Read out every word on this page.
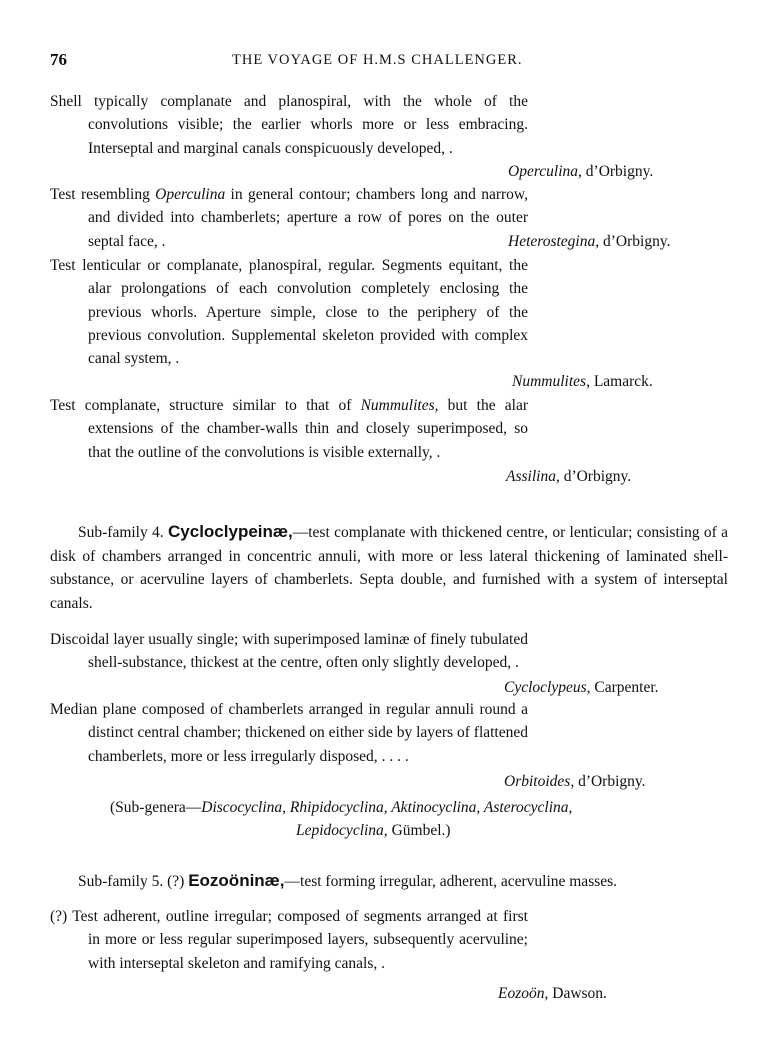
76	THE VOYAGE OF H.M.S CHALLENGER.
Shell typically complanate and planospiral, with the whole of the convolutions visible; the earlier whorls more or less embracing. Interseptal and marginal canals conspicuously developed, .
Operculina, d’Orbigny.
Test resembling Operculina in general contour; chambers long and narrow, and divided into chamberlets; aperture a row of pores on the outer septal face, .	Heterostegina, d’Orbigny.
Test lenticular or complanate, planospiral, regular. Segments equitant, the alar prolongations of each convolution completely enclosing the previous whorls. Aperture simple, close to the periphery of the previous convolution. Supplemental skeleton provided with complex canal system, .
Nummulites, Lamarck.
Test complanate, structure similar to that of Nummulites, but the alar extensions of the chamber-walls thin and closely superimposed, so that the outline of the convolutions is visible externally, .
Assilina, d’Orbigny.
Sub-family 4. Cycloclypeinæ,—test complanate with thickened centre, or lenticular; consisting of a disk of chambers arranged in concentric annuli, with more or less lateral thickening of laminated shell-substance, or acervuline layers of chamberlets. Septa double, and furnished with a system of interseptal canals.
Discoidal layer usually single; with superimposed laminæ of finely tubulated shell-substance, thickest at the centre, often only slightly developed, .
Cycloclypeus, Carpenter.
Median plane composed of chamberlets arranged in regular annuli round a distinct central chamber; thickened on either side by layers of flattened chamberlets, more or less irregularly disposed, . . . .
Orbitoides, d’Orbigny.
(Sub-genera—Discocyclina, Rhipidocyclina, Aktinocyclina, Asterocyclina,
Lepidocyclina, Gümbel.)
Sub-family 5. (?) Eozoöninæ,—test forming irregular, adherent, acervuline masses.
(?) Test adherent, outline irregular; composed of segments arranged at first in more or less regular superimposed layers, subsequently acervuline; with interseptal skeleton and ramifying canals, .
Eozoön, Dawson.
